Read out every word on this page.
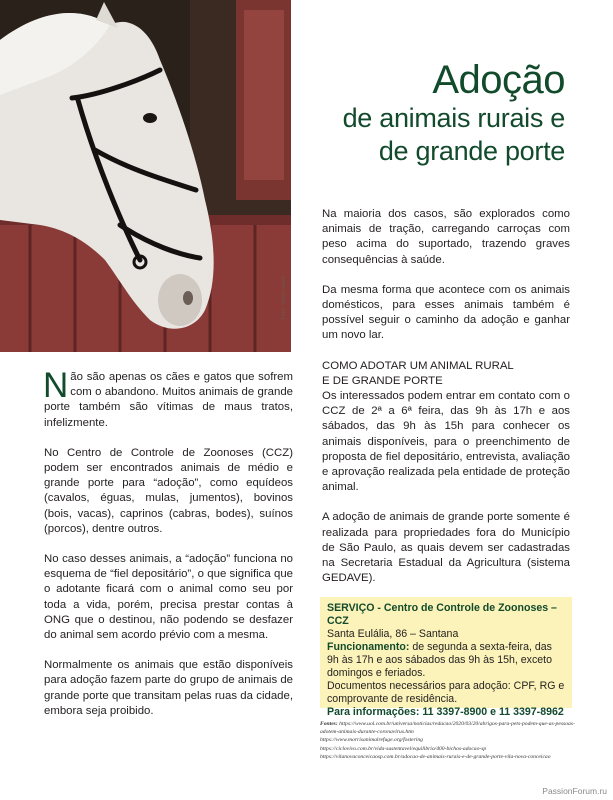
Foto: shutterstock
Adoção
de animais rurais e
de grande porte

Não são apenas os cães e gatos que sofrem com o abandono. Muitos animais de grande porte também são vítimas de maus tratos, infelizmente.

No Centro de Controle de Zoonoses (CCZ) podem ser encontrados animais de médio e grande porte para “adoção”, como equídeos (cavalos, éguas, mulas, jumentos), bovinos (bois, vacas), caprinos (cabras, bodes), suínos (porcos), dentre outros.

No caso desses animais, a “adoção” funciona no esquema de “fiel depositário”, o que significa que o adotante ficará com o animal como seu por toda a vida, porém, precisa prestar contas à ONG que o destinou, não podendo se desfazer do animal sem acordo prévio com a mesma.

Normalmente os animais que estão disponíveis para adoção fazem parte do grupo de animais de grande porte que transitam pelas ruas da cidade, embora seja proibido.

Na maioria dos casos, são explorados como animais de tração, carregando carroças com peso acima do suportado, trazendo graves consequências à saúde.

Da mesma forma que acontece com os animais domésticos, para esses animais também é possível seguir o caminho da adoção e ganhar um novo lar.

COMO ADOTAR UM ANIMAL RURAL
E DE GRANDE PORTE

Os interessados podem entrar em contato com o CCZ de 2ª a 6ª feira, das 9h às 17h e aos sábados, das 9h às 15h para conhecer os animais disponíveis, para o preenchimento de proposta de fiel depositário, entrevista, avaliação e aprovação realizada pela entidade de proteção animal.

A adoção de animais de grande porte somente é realizada para propriedades fora do Município de São Paulo, as quais devem ser cadastradas na Secretaria Estadual da Agricultura (sistema GEDAVE).

SERVIÇO - Centro de Controle de Zoonoses – CCZ
Santa Eulália, 86 – Santana
Funcionamento: de segunda a sexta-feira, das 9h às 17h e aos sábados das 9h às 15h, exceto domingos e feriados.
Documentos necessários para adoção: CPF, RG e comprovante de residência.
Para informações: 11 3397-8900 e 11 3397-8962
Fontes: https://www.uol.com.br/universa/noticias/redacao/2020/03/20/abrigos-para-pets-podem-que-as-pessoas-adotem-animais-durante-coronavirus.htm
https://www.morrisanimalrefuge.org/fostering
https://ciclovivo.com.br/vida-sustentavel/equilibrio/400-bichos-adocao-sp
https://vilanovaconceicaosp.com.br/adocao-de-animais-rurais-e-de-grande-porte-vila-nova-conceicao
PassionForum.ru
